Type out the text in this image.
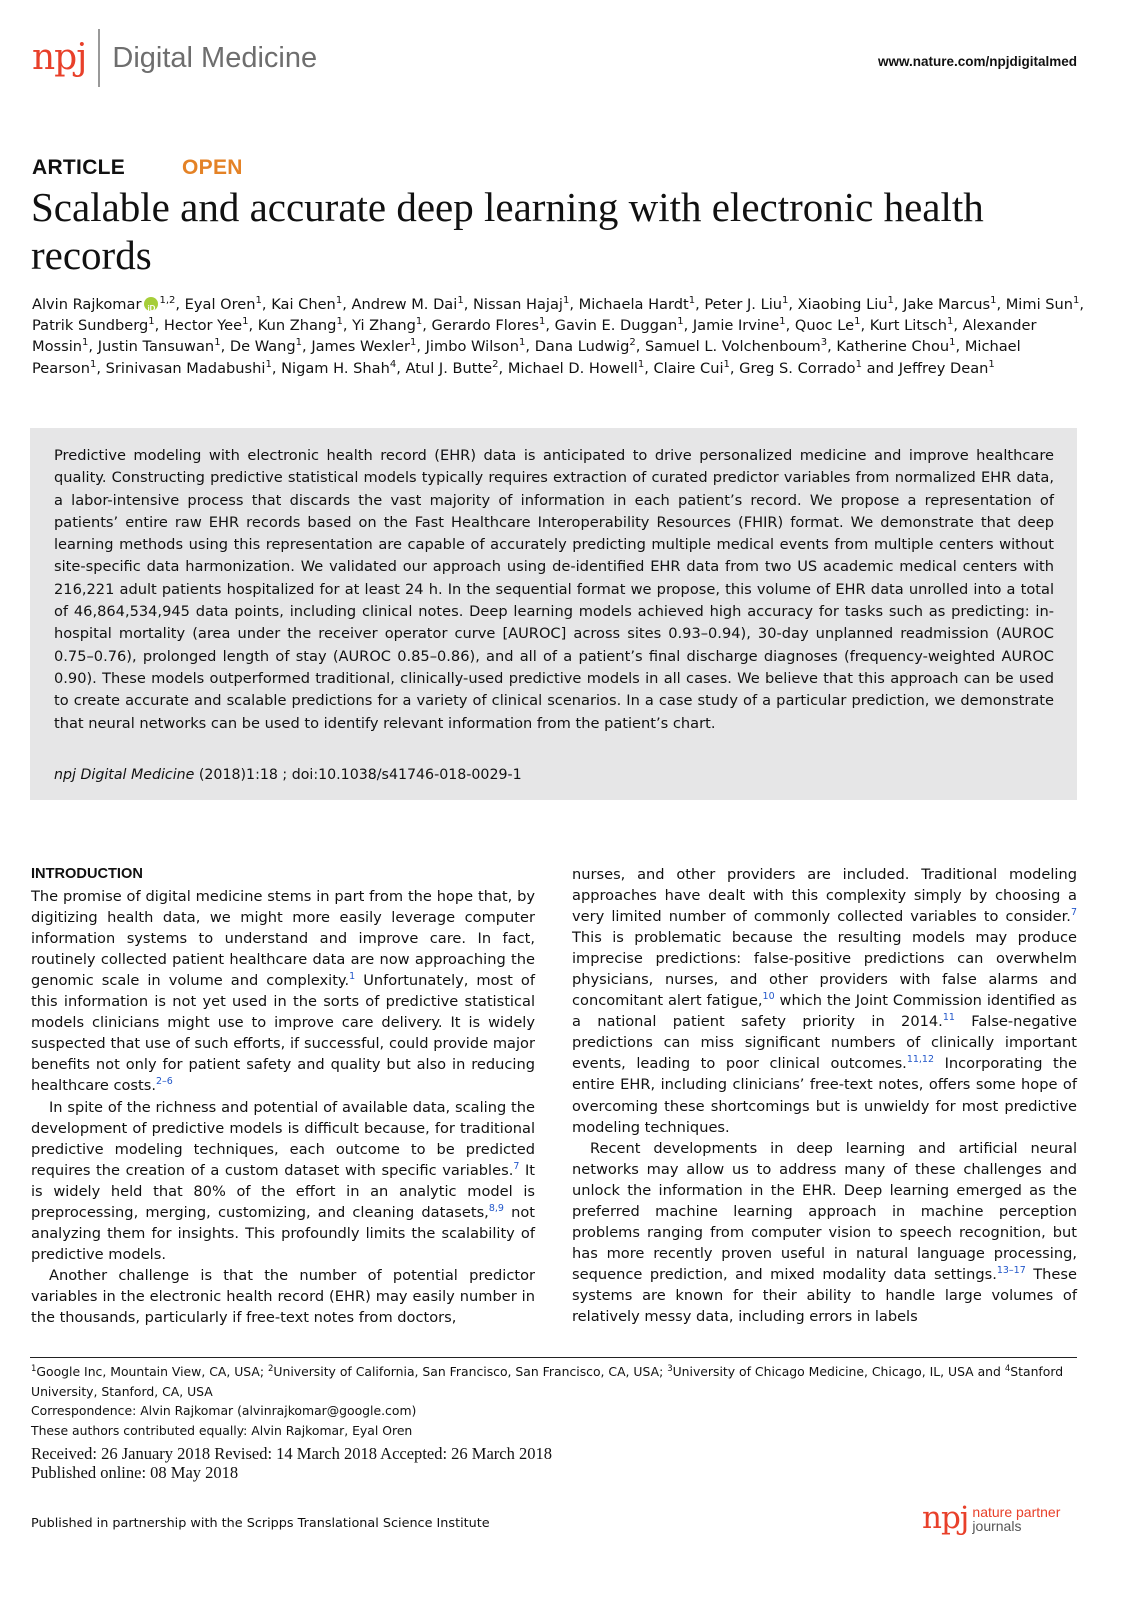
npj Digital Medicine	www.nature.com/npjdigitalmed
ARTICLE	OPEN
Scalable and accurate deep learning with electronic health records
Alvin RajkomariD $^{1,2}$, Eyal Oren$^1$, Kai Chen$^1$, Andrew M. Dai$^1$, Nissan Hajaj$^1$, Michaela Hardt$^1$, Peter J. Liu$^1$, Xiaobing Liu$^1$, Jake Marcus$^1$, Mimi Sun$^1$, Patrik Sundberg$^1$, Hector Yee$^1$, Kun Zhang$^1$, Yi Zhang$^1$, Gerardo Flores$^1$, Gavin E. Duggan$^1$, Jamie Irvine$^1$, Quoc Le$^1$, Kurt Litsch$^1$, Alexander Mossin$^1$, Justin Tansuwan$^1$, De Wang$^1$, James Wexler$^1$, Jimbo Wilson$^1$, Dana Ludwig$^2$, Samuel L. Volchenboum$^3$, Katherine Chou$^1$, Michael Pearson$^1$, Srinivasan Madabushi$^1$, Nigam H. Shah$^4$, Atul J. Butte$^2$, Michael D. Howell$^1$, Claire Cui$^1$, Greg S. Corrado$^1$ and Jeffrey Dean$^1$

Predictive modeling with electronic health record (EHR) data is anticipated to drive personalized medicine and improve healthcare quality. Constructing predictive statistical models typically requires extraction of curated predictor variables from normalized EHR data, a labor-intensive process that discards the vast majority of information in each patient’s record. We propose a representation of patients’ entire raw EHR records based on the Fast Healthcare Interoperability Resources (FHIR) format. We demonstrate that deep learning methods using this representation are capable of accurately predicting multiple medical events from multiple centers without site-specific data harmonization. We validated our approach using de-identified EHR data from two US academic medical centers with 216,221 adult patients hospitalized for at least 24 h. In the sequential format we propose, this volume of EHR data unrolled into a total of 46,864,534,945 data points, including clinical notes. Deep learning models achieved high accuracy for tasks such as predicting: in-hospital mortality (area under the receiver operator curve [AUROC] across sites 0.93–0.94), 30-day unplanned readmission (AUROC 0.75–0.76), prolonged length of stay (AUROC 0.85–0.86), and all of a patient’s final discharge diagnoses (frequency-weighted AUROC 0.90). These models outperformed traditional, clinically-used predictive models in all cases. We believe that this approach can be used to create accurate and scalable predictions for a variety of clinical scenarios. In a case study of a particular prediction, we demonstrate that neural networks can be used to identify relevant information from the patient’s chart.

npj Digital Medicine (2018)1:18 ; doi:10.1038/s41746-018-0029-1
INTRODUCTION

The promise of digital medicine stems in part from the hope that, by digitizing health data, we might more easily leverage computer information systems to understand and improve care. In fact, routinely collected patient healthcare data are now approaching the genomic scale in volume and complexity.$^1$ Unfortunately, most of this information is not yet used in the sorts of predictive statistical models clinicians might use to improve care delivery. It is widely suspected that use of such efforts, if successful, could provide major benefits not only for patient safety and quality but also in reducing healthcare costs.$^{2-6}$

In spite of the richness and potential of available data, scaling the development of predictive models is difficult because, for traditional predictive modeling techniques, each outcome to be predicted requires the creation of a custom dataset with specific variables.$^7$ It is widely held that 80% of the effort in an analytic model is preprocessing, merging, customizing, and cleaning datasets,$^{8,9}$ not analyzing them for insights. This profoundly limits the scalability of predictive models.

Another challenge is that the number of potential predictor variables in the electronic health record (EHR) may easily number in the thousands, particularly if free-text notes from doctors,

nurses, and other providers are included. Traditional modeling approaches have dealt with this complexity simply by choosing a very limited number of commonly collected variables to consider.$^7$ This is problematic because the resulting models may produce imprecise predictions: false-positive predictions can overwhelm physicians, nurses, and other providers with false alarms and concomitant alert fatigue,$^{10}$ which the Joint Commission identified as a national patient safety priority in 2014.11 False-negative predictions can miss significant numbers of clinically important events, leading to poor clinical outcomes.$^{11,12}$ Incorporating the entire EHR, including clinicians’ free-text notes, offers some hope of overcoming these shortcomings but is unwieldy for most predictive modeling techniques.

Recent developments in deep learning and artificial neural networks may allow us to address many of these challenges and unlock the information in the EHR. Deep learning emerged as the preferred machine learning approach in machine perception problems ranging from computer vision to speech recognition, but has more recently proven useful in natural language processing, sequence prediction, and mixed modality data settings.$^{13-17}$ These systems are known for their ability to handle large volumes of relatively messy data, including errors in labels

$^1$Google Inc, Mountain View, CA, USA; $^2$University of California, San Francisco, San Francisco, CA, USA; $^3$University of Chicago Medicine, Chicago, IL, USA and $^4$Stanford University, Stanford, CA, USA

Correspondence: Alvin Rajkomar (alvinrajkomar@google.com)

These authors contributed equally: Alvin Rajkomar, Eyal Oren

Received: 26 January 2018 Revised: 14 March 2018 Accepted: 26 March 2018

Published online: 08 May 2018

Published in partnership with the Scripps Translational Science Institute	npj nature partner
journals
